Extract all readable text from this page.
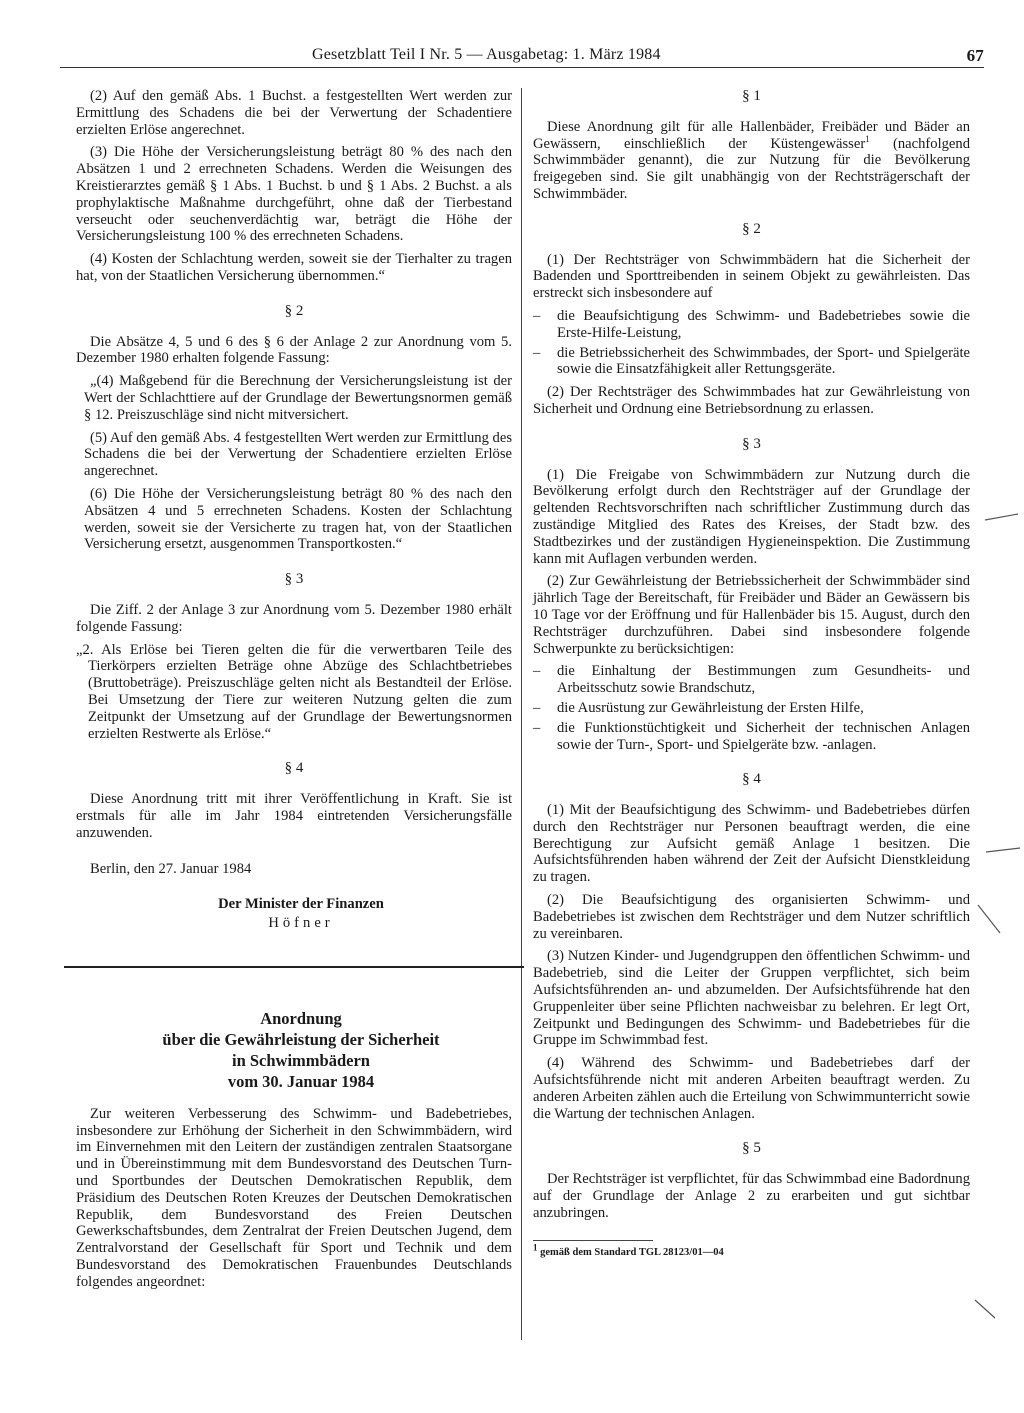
Gesetzblatt Teil I Nr. 5 — Ausgabetag: 1. März 1984	67

(2) Auf den gemäß Abs. 1 Buchst. a festgestellten Wert werden zur Ermittlung des Schadens die bei der Verwertung der Schadentiere erzielten Erlöse angerechnet.

(3) Die Höhe der Versicherungsleistung beträgt 80 % des nach den Absätzen 1 und 2 errechneten Schadens. Werden die Weisungen des Kreistierarztes gemäß § 1 Abs. 1 Buchst. b und § 1 Abs. 2 Buchst. a als prophylaktische Maßnahme durchgeführt, ohne daß der Tierbestand verseucht oder seuchenverdächtig war, beträgt die Höhe der Versicherungsleistung 100 % des errechneten Schadens.

(4) Kosten der Schlachtung werden, soweit sie der Tierhalter zu tragen hat, von der Staatlichen Versicherung übernommen.“

§ 2

Die Absätze 4, 5 und 6 des § 6 der Anlage 2 zur Anordnung vom 5. Dezember 1980 erhalten folgende Fassung:

„(4) Maßgebend für die Berechnung der Versicherungsleistung ist der Wert der Schlachttiere auf der Grundlage der Bewertungsnormen gemäß § 12. Preiszuschläge sind nicht mitversichert.

(5) Auf den gemäß Abs. 4 festgestellten Wert werden zur Ermittlung des Schadens die bei der Verwertung der Schadentiere erzielten Erlöse angerechnet.

(6) Die Höhe der Versicherungsleistung beträgt 80 % des nach den Absätzen 4 und 5 errechneten Schadens. Kosten der Schlachtung werden, soweit sie der Versicherte zu tragen hat, von der Staatlichen Versicherung ersetzt, ausgenommen Transportkosten.“

§ 3

Die Ziff. 2 der Anlage 3 zur Anordnung vom 5. Dezember 1980 erhält folgende Fassung:

„2. Als Erlöse bei Tieren gelten die für die verwertbaren Teile des Tierkörpers erzielten Beträge ohne Abzüge des Schlachtbetriebes (Bruttobeträge). Preiszuschläge gelten nicht als Bestandteil der Erlöse. Bei Umsetzung der Tiere zur weiteren Nutzung gelten die zum Zeitpunkt der Umsetzung auf der Grundlage der Bewertungsnormen erzielten Restwerte als Erlöse.“

§ 4

Diese Anordnung tritt mit ihrer Veröffentlichung in Kraft. Sie ist erstmals für alle im Jahr 1984 eintretenden Versicherungsfälle anzuwenden.

Berlin, den 27. Januar 1984

Der Minister der Finanzen

Höfner

Anordnung

über die Gewährleistung der Sicherheit

in Schwimmbädern

vom 30. Januar 1984

Zur weiteren Verbesserung des Schwimm- und Badebetriebes, insbesondere zur Erhöhung der Sicherheit in den Schwimmbädern, wird im Einvernehmen mit den Leitern der zuständigen zentralen Staatsorgane und in Übereinstimmung mit dem Bundesvorstand des Deutschen Turn- und Sportbundes der Deutschen Demokratischen Republik, dem Präsidium des Deutschen Roten Kreuzes der Deutschen Demokratischen Republik, dem Bundesvorstand des Freien Deutschen Gewerkschaftsbundes, dem Zentralrat der Freien Deutschen Jugend, dem Zentralvorstand der Gesellschaft für Sport und Technik und dem Bundesvorstand des Demokratischen Frauenbundes Deutschlands folgendes angeordnet:

§ 1

Diese Anordnung gilt für alle Hallenbäder, Freibäder und Bäder an Gewässern, einschließlich der Küstengewässer$^1$ (nachfolgend Schwimmbäder genannt), die zur Nutzung für die Bevölkerung freigegeben sind. Sie gilt unabhängig von der Rechtsträgerschaft der Schwimmbäder.

§ 2

(1) Der Rechtsträger von Schwimmbädern hat die Sicherheit der Badenden und Sporttreibenden in seinem Objekt zu gewährleisten. Das erstreckt sich insbesondere auf

– die Beaufsichtigung des Schwimm- und Badebetriebes sowie die Erste-Hilfe-Leistung,
– die Betriebssicherheit des Schwimmbades, der Sport- und Spielgeräte sowie die Einsatzfähigkeit aller Rettungsgeräte.

(2) Der Rechtsträger des Schwimmbades hat zur Gewährleistung von Sicherheit und Ordnung eine Betriebsordnung zu erlassen.

§ 3

(1) Die Freigabe von Schwimmbädern zur Nutzung durch die Bevölkerung erfolgt durch den Rechtsträger auf der Grundlage der geltenden Rechtsvorschriften nach schriftlicher Zustimmung durch das zuständige Mitglied des Rates des Kreises, der Stadt bzw. des Stadtbezirkes und der zuständigen Hygieneinspektion. Die Zustimmung kann mit Auflagen verbunden werden.

(2) Zur Gewährleistung der Betriebssicherheit der Schwimmbäder sind jährlich Tage der Bereitschaft, für Freibäder und Bäder an Gewässern bis 10 Tage vor der Eröffnung und für Hallenbäder bis 15. August, durch den Rechtsträger durchzuführen. Dabei sind insbesondere folgende Schwerpunkte zu berücksichtigen:

– die Einhaltung der Bestimmungen zum Gesundheits- und Arbeitsschutz sowie Brandschutz,
– die Ausrüstung zur Gewährleistung der Ersten Hilfe,
– die Funktionstüchtigkeit und Sicherheit der technischen Anlagen sowie der Turn-, Sport- und Spielgeräte bzw. -anlagen.
§ 4

(1) Mit der Beaufsichtigung des Schwimm- und Badebetriebes dürfen durch den Rechtsträger nur Personen beauftragt werden, die eine Berechtigung zur Aufsicht gemäß Anlage 1 besitzen. Die Aufsichtsführenden haben während der Zeit der Aufsicht Dienstkleidung zu tragen.

(2) Die Beaufsichtigung des organisierten Schwimm- und Badebetriebes ist zwischen dem Rechtsträger und dem Nutzer schriftlich zu vereinbaren.

(3) Nutzen Kinder- und Jugendgruppen den öffentlichen Schwimm- und Badebetrieb, sind die Leiter der Gruppen verpflichtet, sich beim Aufsichtsführenden an- und abzumelden. Der Aufsichtsführende hat den Gruppenleiter über seine Pflichten nachweisbar zu belehren. Er legt Ort, Zeitpunkt und Bedingungen des Schwimm- und Badebetriebes für die Gruppe im Schwimmbad fest.

(4) Während des Schwimm- und Badebetriebes darf der Aufsichtsführende nicht mit anderen Arbeiten beauftragt werden. Zu anderen Arbeiten zählen auch die Erteilung von Schwimmunterricht sowie die Wartung der technischen Anlagen.

§ 5

Der Rechtsträger ist verpflichtet, für das Schwimmbad eine Badordnung auf der Grundlage der Anlage 2 zu erarbeiten und gut sichtbar anzubringen.

$^1$ gemäß dem Standard TGL 28123/01—04
